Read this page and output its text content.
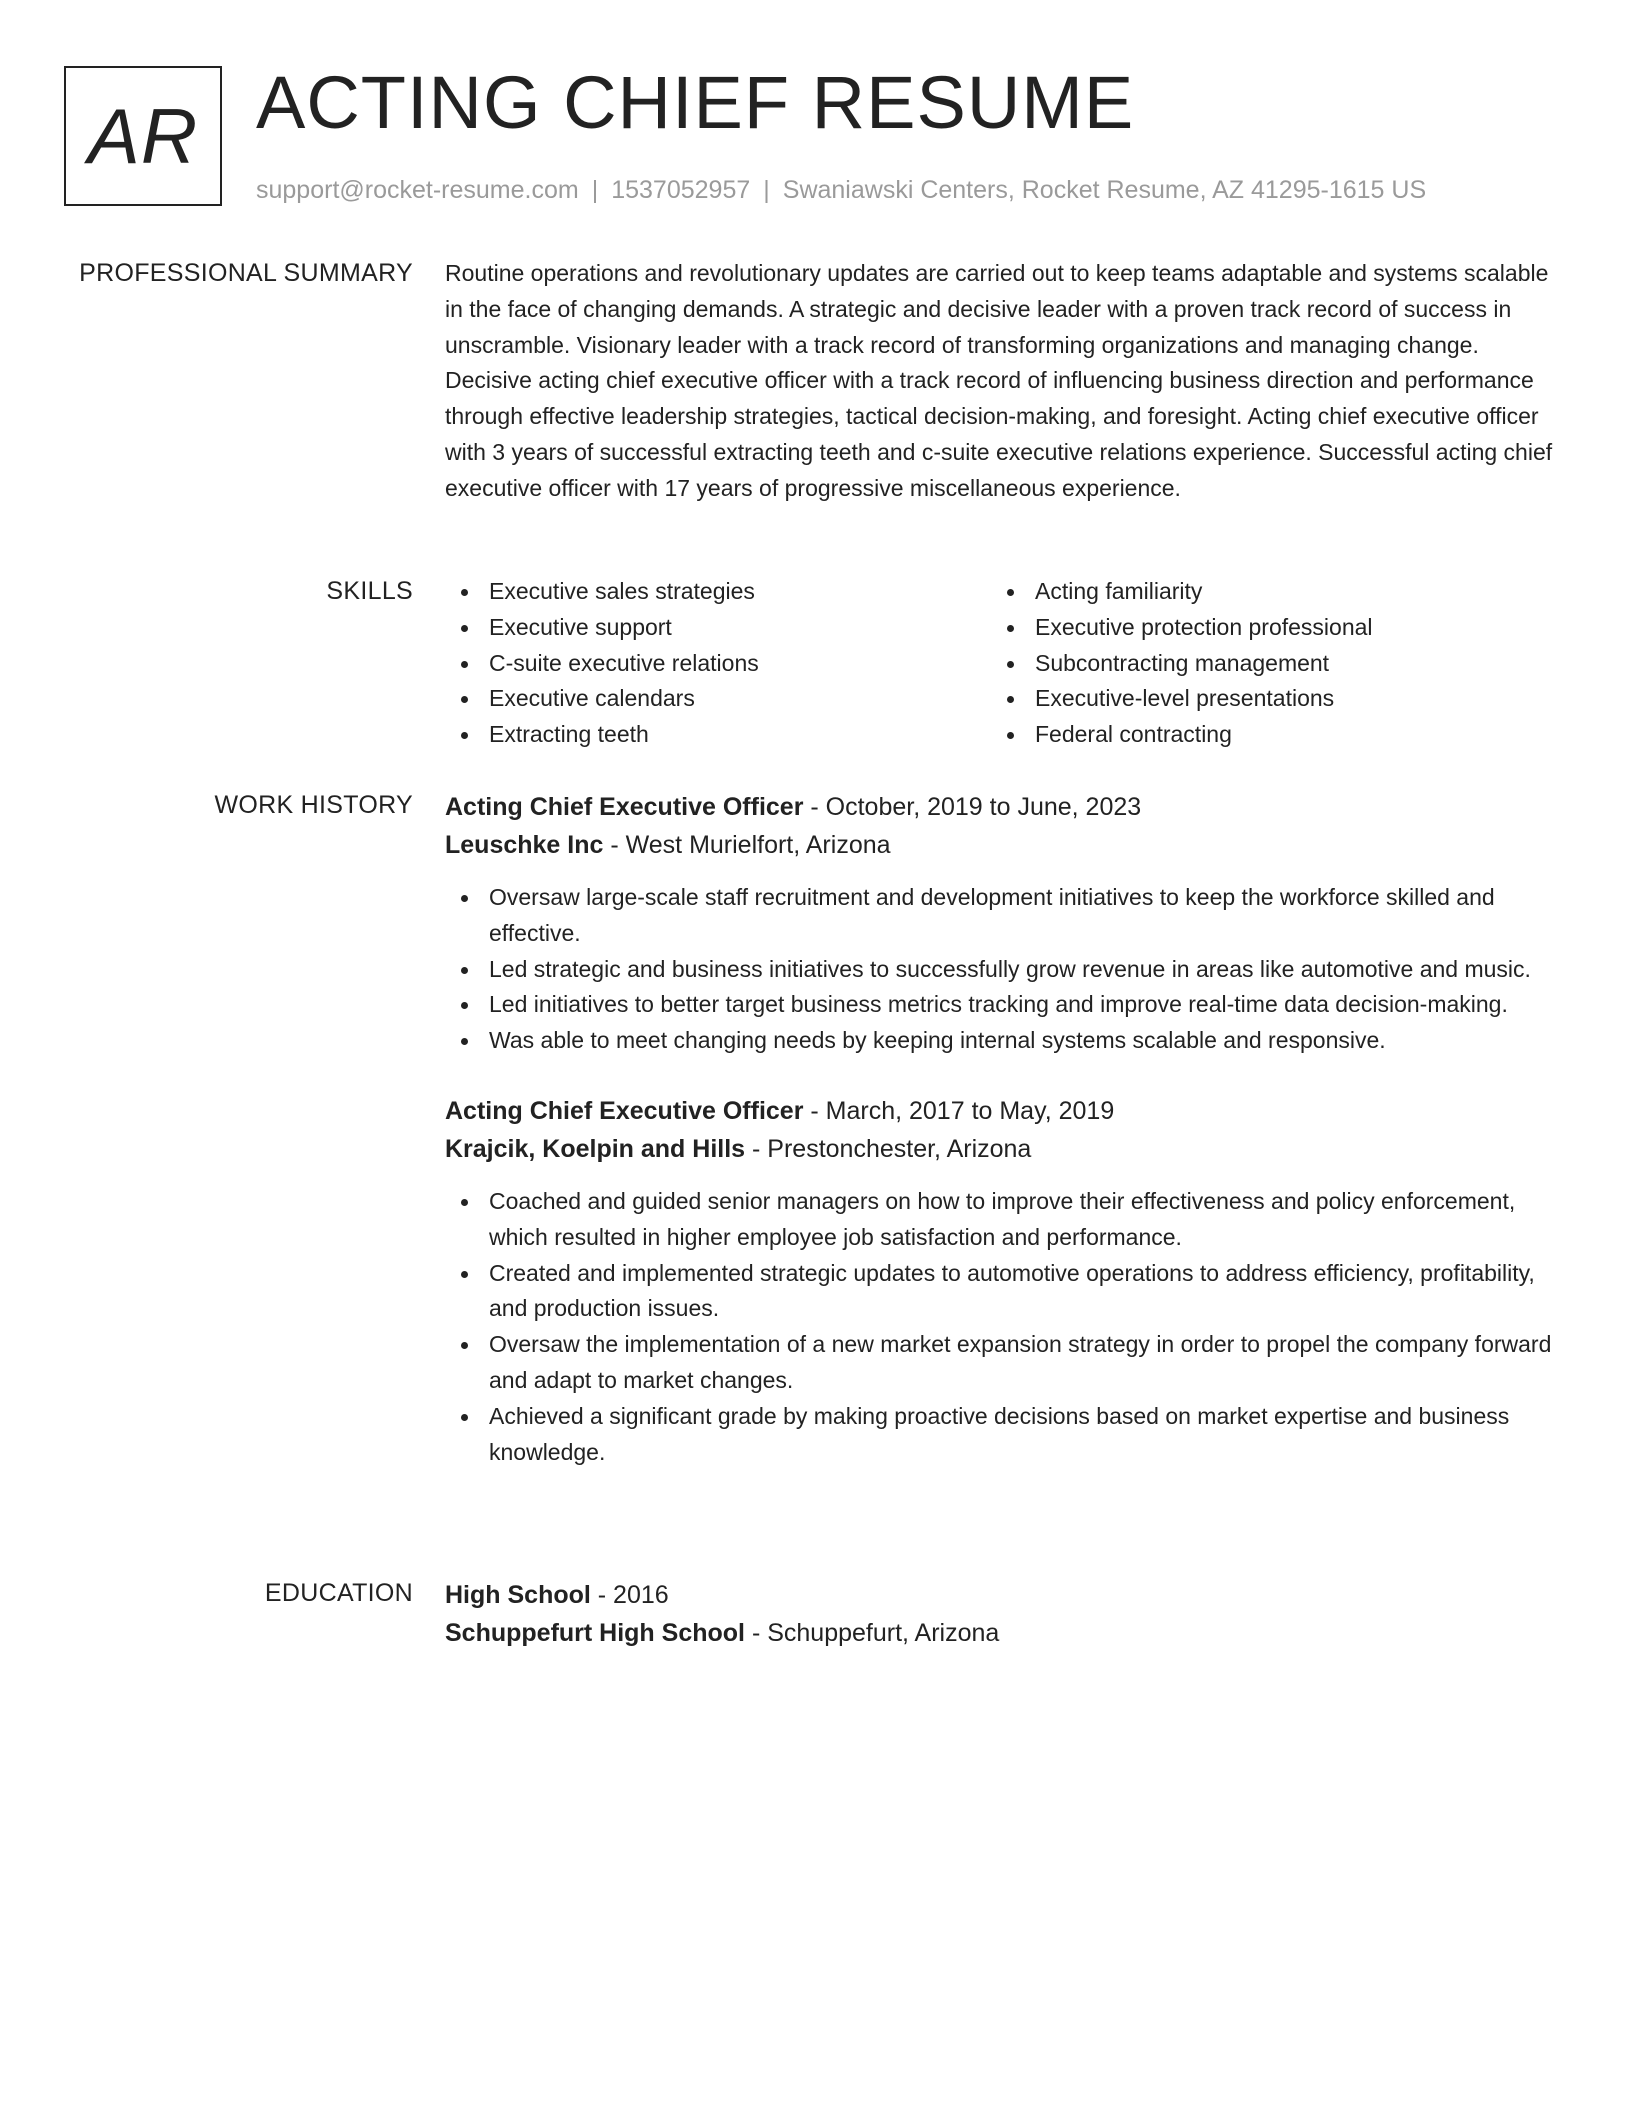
AR ACTING CHIEF RESUME
support@rocket-resume.com | 1537052957 | Swaniawski Centers, Rocket Resume, AZ 41295-1615 US
PROFESSIONAL SUMMARY Routine operations and revolutionary updates are carried out to keep teams adaptable and systems scalable in the face of changing demands. A strategic and decisive leader with a proven track record of success in unscramble. Visionary leader with a track record of transforming organizations and managing change. Decisive acting chief executive officer with a track record of influencing business direction and performance through effective leadership strategies, tactical decision-making, and foresight. Acting chief executive officer with 3 years of successful extracting teeth and c-suite executive relations experience. Successful acting chief executive officer with 17 years of progressive miscellaneous experience.

SKILLS	Executive sales strategies
Executive support
C-suite executive relations
Executive calendars
Extracting teeth
Acting familiarity
Executive protection professional
Subcontracting management
Executive-level presentations
Federal contracting
WORK HISTORY Acting Chief Executive Officer - October, 2019 to June, 2023
Leuschke Inc - West Murielfort, Arizona
Oversaw large-scale staff recruitment and development initiatives to keep the workforce skilled and effective.
Led strategic and business initiatives to successfully grow revenue in areas like automotive and music.
Led initiatives to better target business metrics tracking and improve real-time data decision-making.
Was able to meet changing needs by keeping internal systems scalable and responsive.
Acting Chief Executive Officer - March, 2017 to May, 2019
Krajcik, Koelpin and Hills - Prestonchester, Arizona
Coached and guided senior managers on how to improve their effectiveness and policy enforcement, which resulted in higher employee job satisfaction and performance.
Created and implemented strategic updates to automotive operations to address efficiency, profitability, and production issues.
Oversaw the implementation of a new market expansion strategy in order to propel the company forward and adapt to market changes.
Achieved a significant grade by making proactive decisions based on market expertise and business knowledge.
EDUCATION High School - 2016
Schuppefurt High School - Schuppefurt, Arizona
